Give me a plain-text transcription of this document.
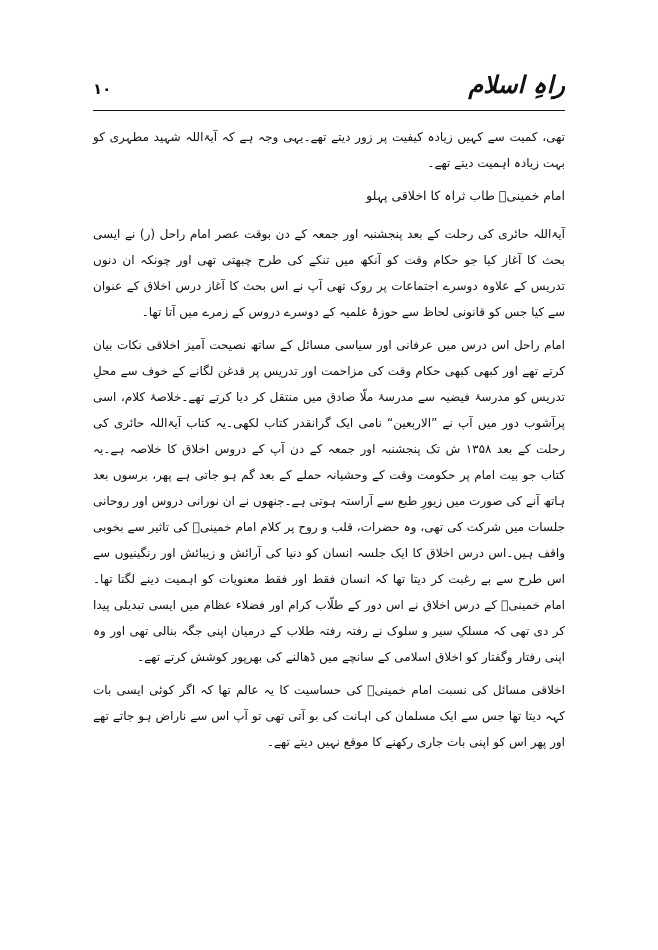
۱۰	راہِ اسلام

تھی، کمیت سے کہیں زیادہ کیفیت پر زور دیتے تھے۔یہی وجہ ہے کہ آیۃاللہ شہید مطہری کو بہت زیادہ اہمیت دیتے تھے۔

امام خمینیؒ طاب ثراہ کا اخلاقی پہلو

آیۃاللہ حائری کی رحلت کے بعد پنجشنبہ اور جمعہ کے دن بوقت عصر امام راحل (ر) نے ایسی بحث کا آغاز کیا جو حکام وقت کو آنکھ میں تنکے کی طرح چبھتی تھی اور چونکہ ان دنوں تدریس کے علاوہ دوسرے اجتماعات پر روک تھی آپ نے اس بحث کا آغاز درس اخلاق کے عنوان سے کیا جس کو قانونی لحاظ سے حوزۂ علمیہ کے دوسرے دروس کے زمرے میں آتا تھا۔

امام راحل اس درس میں عرفانی اور سیاسی مسائل کے ساتھ نصیحت آمیز اخلاقی نکات بیان کرتے تھے اور کبھی کبھی حکام وقت کی مزاحمت اور تدریس پر قدغن لگانے کے خوف سے محلِ تدریس کو مدرسۂ فیضیہ سے مدرسۂ ملّا صادق میں منتقل کر دیا کرتے تھے۔خلاصۂ کلام، اسی پرآشوب دور میں آپ نے ”الاربعین“ نامی ایک گرانقدر کتاب لکھی۔یہ کتاب آیۃاللہ حائری کی رحلت کے بعد ۱۳۵۸ ش تک پنجشنبہ اور جمعہ کے دن آپ کے دروس اخلاق کا خلاصہ ہے۔یہ کتاب جو بیت امام پر حکومت وقت کے وحشیانہ حملے کے بعد گم ہو جاتی ہے پھر، برسوں بعد ہاتھ آنے کی صورت میں زیورِ طبع سے آراستہ ہوتی ہے۔جنھوں نے ان نورانی دروس اور روحانی جلسات میں شرکت کی تھی، وہ حضرات، قلب و روح پر کلام امام خمینیؒ کی تاثیر سے بخوبی واقف ہیں۔اس درس اخلاق کا ایک جلسہ انسان کو دنیا کی آرائش و زیبائش اور رنگینیوں سے اس طرح سے بے رغبت کر دیتا تھا کہ انسان فقط اور فقط معنویات کو اہمیت دینے لگتا تھا۔امام خمینیؒ کے درس اخلاق نے اس دور کے طلّاب کرام اور فضلاء عظام میں ایسی تبدیلی پیدا کر دی تھی کہ مسلکِ سیر و سلوک نے رفتہ رفتہ طلاب کے درمیان اپنی جگہ بنالی تھی اور وہ اپنی رفتار وگفتار کو اخلاق اسلامی کے سانچے میں ڈھالنے کی بھرپور کوشش کرتے تھے۔

اخلاقی مسائل کی نسبت امام خمینیؒ کی حساسیت کا یہ عالم تھا کہ اگر کوئی ایسی بات کہہ دیتا تھا جس سے ایک مسلمان کی اہانت کی بو آتی تھی تو آپ اس سے ناراض ہو جاتے تھے اور پھر اس کو اپنی بات جاری رکھنے کا موقع نہیں دیتے تھے۔
